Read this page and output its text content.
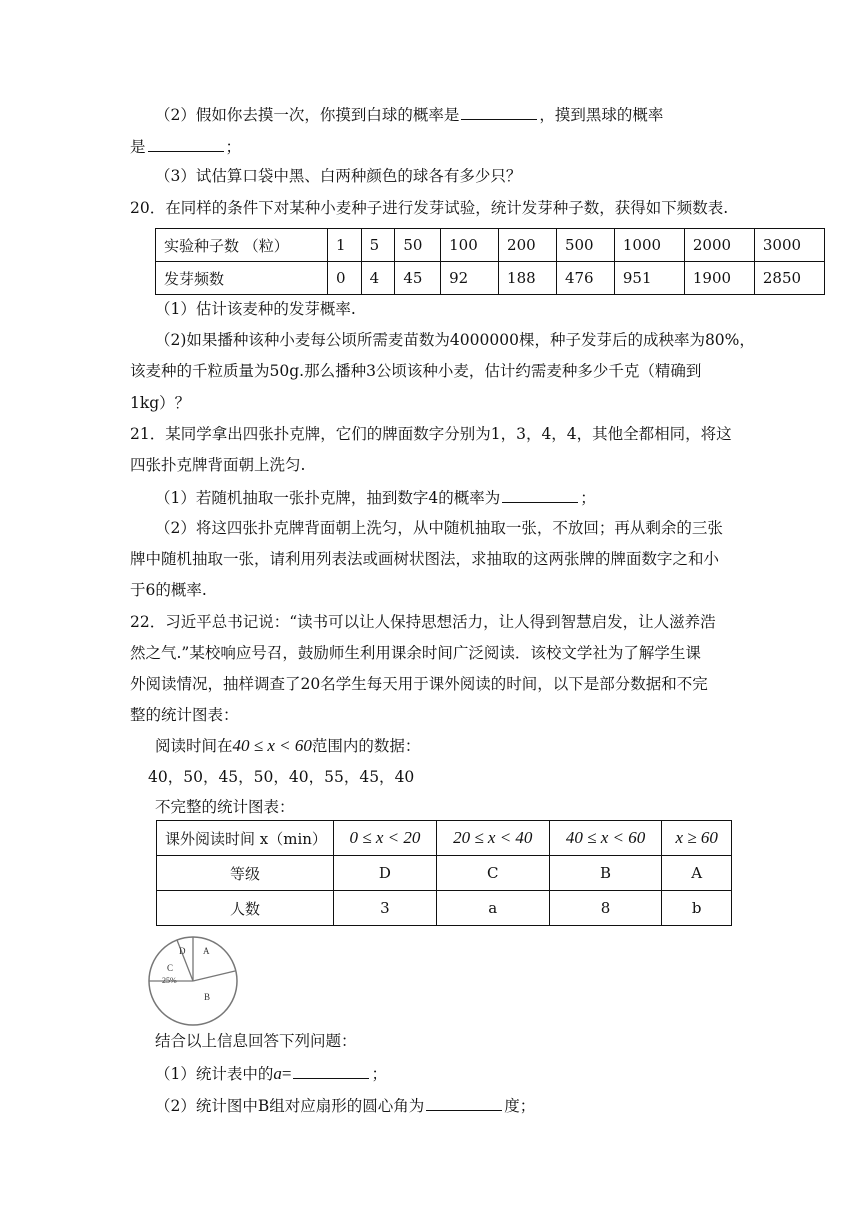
（2）假如你去摸一次，你摸到白球的概率是	，摸到黑球的概率
是	；
（3）试估算口袋中黑、白两种颜色的球各有多少只？
20．在同样的条件下对某种小麦种子进行发芽试验，统计发芽种子数，获得如下频数表.
实验种子数 （粒）	1	5	50	100	200	500	1000	2000	3000
发芽频数	0	4	45	92	188	476	951	1900	2850
（1）估计该麦种的发芽概率.
（2)如果播种该种小麦每公顷所需麦苗数为4000000棵，种子发芽后的成秧率为80%，
该麦种的千粒质量为50g.那么播种3公顷该种小麦，估计约需麦种多少千克（精确到
1kg）？
21．某同学拿出四张扑克牌，它们的牌面数字分别为1，3，4，4，其他全都相同，将这
四张扑克牌背面朝上洗匀.
（1）若随机抽取一张扑克牌，抽到数字4的概率为	；
（2）将这四张扑克牌背面朝上洗匀，从中随机抽取一张，不放回；再从剩余的三张
牌中随机抽取一张，请利用列表法或画树状图法，求抽取的这两张牌的牌面数字之和小
于6的概率.
22．习近平总书记说：“读书可以让人保持思想活力，让人得到智慧启发，让人滋养浩
然之气.”某校响应号召，鼓励师生利用课余时间广泛阅读．该校文学社为了解学生课
外阅读情况，抽样调查了20名学生每天用于课外阅读的时间，以下是部分数据和不完
整的统计图表：
阅读时间在40 ≤ x < 60范围内的数据：
40，50，45，50，40，55，45，40
不完整的统计图表：
课外阅读时间 x（min）	0 ≤ x < 20	20 ≤ x < 40	40 ≤ x < 60	x ≥ 60
等级	D	C	B	A
人数	3	a	8	b
D A
C
25%
B
结合以上信息回答下列问题：
（1）统计表中的a=	；
（2）统计图中B组对应扇形的圆心角为	度；
